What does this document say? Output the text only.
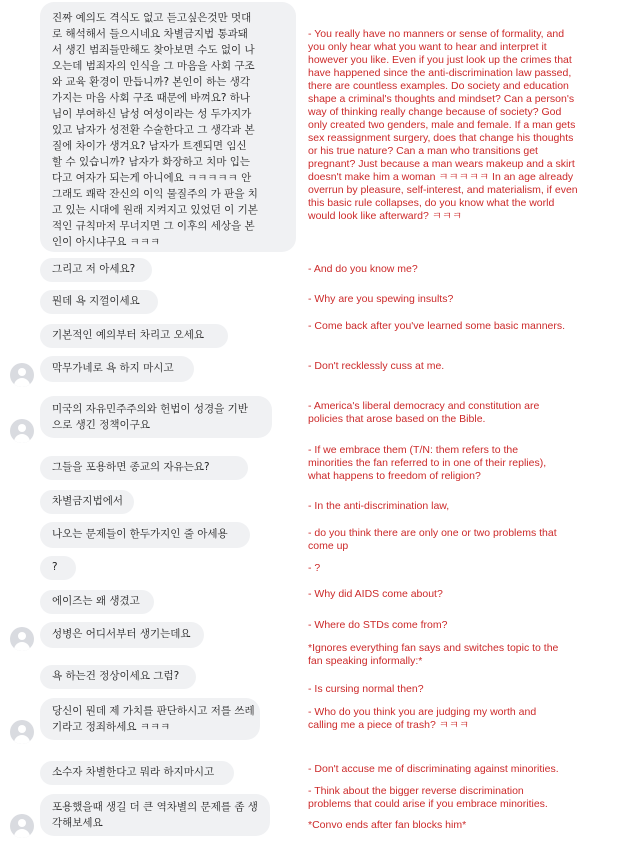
진짜 예의도 격식도 없고 듣고싶은것만 멋대
로 해석해서 들으시네요 차별금지법 통과돼
서 생긴 범죄들만해도 찾아보면 수도 없이 나
오는데 범죄자의 인식을 그 마음을 사회 구조
와 교육 환경이 만듭니까? 본인이 하는 생각
가지는 마음 사회 구조 때문에 바껴요? 하나
님이 부여하신 남성 여성이라는 성 두가지가
있고 남자가 성전환 수술한다고 그 생각과 본
질에 차이가 생겨요? 남자가 트젠되면 임신
할 수 있습니까? 남자가 화장하고 치마 입는
다고 여자가 되는게 아니에요 ㅋㅋㅋㅋㅋ 안
그래도 쾌락 잔신의 이익 물질주의 가 판을 치
고 있는 시대에 원래 지켜지고 있었던 이 기본
적인 규칙마저 무너지면 그 이후의 세상을 본
인이 아시냐구요 ㅋㅋㅋ
그리고 저 아세요?
뭔데 욕 지껄이세요
기본적인 예의부터 차리고 오세요
막무가네로 욕 하지 마시고
미국의 자유민주주의와 헌법이 성경을 기반
으로 생긴 정책이구요
그들을 포용하면 종교의 자유는요?
차별금지법에서
나오는 문제들이 한두가지인 줄 아세용
?
에이즈는 왜 생겼고
성병은 어디서부터 생기는데요
욕 하는건 정상이세요 그럼?
당신이 뭔데 제 가치를 판단하시고 저를 쓰레
기라고 정죄하세요 ㅋㅋㅋ
소수자 차별한다고 뭐라 하지마시고
포용했을때 생길 더 큰 역차별의 문제를 좀 생
각해보세요
- You really have no manners or sense of formality, and
you only hear what you want to hear and interpret it
however you like. Even if you just look up the crimes that
have happened since the anti-discrimination law passed,
there are countless examples. Do society and education
shape a criminal's thoughts and mindset? Can a person's
way of thinking really change because of society? God
only created two genders, male and female. If a man gets
sex reassignment surgery, does that change his thoughts
or his true nature? Can a man who transitions get
pregnant? Just because a man wears makeup and a skirt
doesn't make him a woman ㅋㅋㅋㅋㅋ In an age already
overrun by pleasure, self-interest, and materialism, if even
this basic rule collapses, do you know what the world
would look like afterward? ㅋㅋㅋ
- And do you know me?
- Why are you spewing insults?
- Come back after you've learned some basic manners.
- Don't recklessly cuss at me.
- America's liberal democracy and constitution are
policies that arose based on the Bible.
- If we embrace them (T/N: them refers to the
minorities the fan referred to in one of their replies),
what happens to freedom of religion?
- In the anti-discrimination law,
- do you think there are only one or two problems that
come up
- ?
- Why did AIDS come about?
- Where do STDs come from?
*Ignores everything fan says and switches topic to the
fan speaking informally:*
- Is cursing normal then?
- Who do you think you are judging my worth and
calling me a piece of trash? ㅋㅋㅋ
- Don't accuse me of discriminating against minorities.
- Think about the bigger reverse discrimination
problems that could arise if you embrace minorities.
*Convo ends after fan blocks him*
